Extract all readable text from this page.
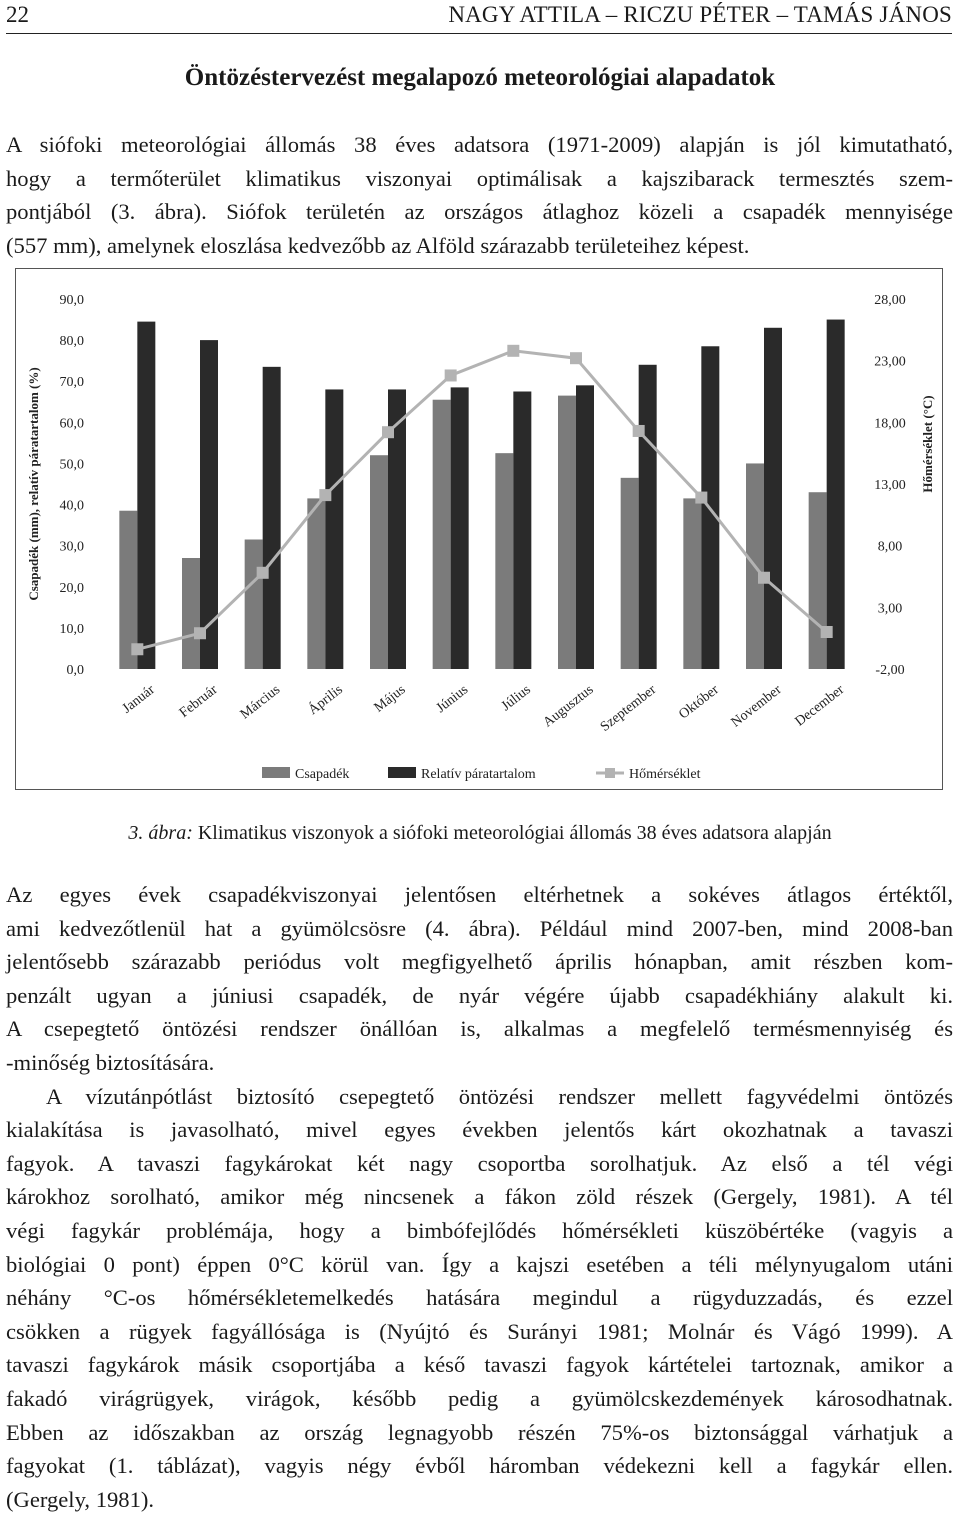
22	NAGY ATTILA – RICZU PÉTER – TAMÁS JÁNOS
Öntözéstervezést megalapozó meteorológiai alapadatok
A siófoki meteorológiai állomás 38 éves adatsora (1971-2009) alapján is jól kimutatható,
hogy a termőterület klimatikus viszonyai optimálisak a kajszibarack termesztés szem-
pontjából (3. ábra). Siófok területén az országos átlaghoz közeli a csapadék mennyisége
(557 mm), amelynek eloszlása kedvezőbb az Alföld szárazabb területeihez képest.
0,0
10,0
20,0
30,0
40,0
50,0
60,0
70,0
80,0
90,0
-2,00
3,00
8,00
13,00
18,00
23,00
28,00
Csapadék (mm), relatív páratartalom (%)	Hőmérséklet (°C)
Január Február Március Április Május Június Július Augusztus Szeptember Október November December
Csapadék	Relatív páratartalom	Hőmérséklet
3. ábra: Klimatikus viszonyok a siófoki meteorológiai állomás 38 éves adatsora alapján
Az egyes évek csapadékviszonyai jelentősen eltérhetnek a sokéves átlagos értéktől,
ami kedvezőtlenül hat a gyümölcsösre (4. ábra). Például mind 2007-ben, mind 2008-ban
jelentősebb szárazabb periódus volt megfigyelhető április hónapban, amit részben kom-
penzált ugyan a júniusi csapadék, de nyár végére újabb csapadékhiány alakult ki.
A csepegtető öntözési rendszer önállóan is, alkalmas a megfelelő termésmennyiség és
-minőség biztosítására.
A vízutánpótlást biztosító csepegtető öntözési rendszer mellett fagyvédelmi öntözés
kialakítása is javasolható, mivel egyes években jelentős kárt okozhatnak a tavaszi
fagyok. A tavaszi fagykárokat két nagy csoportba sorolhatjuk. Az első a tél végi
károkhoz sorolható, amikor még nincsenek a fákon zöld részek (Gergely, 1981). A tél
végi fagykár problémája, hogy a bimbófejlődés hőmérsékleti küszöbértéke (vagyis a
biológiai 0 pont) éppen 0°C körül van. Így a kajszi esetében a téli mélynyugalom utáni
néhány °C-os hőmérsékletemelkedés hatására megindul a rügyduzzadás, és ezzel
csökken a rügyek fagyállósága is (Nyújtó és Surányi 1981; Molnár és Vágó 1999). A
tavaszi fagykárok másik csoportjába a késő tavaszi fagyok kártételei tartoznak, amikor a
fakadó virágrügyek, virágok, később pedig a gyümölcskezdemények károsodhatnak.
Ebben az időszakban az ország legnagyobb részén 75%-os biztonsággal várhatjuk a
fagyokat (1. táblázat), vagyis négy évből háromban védekezni kell a fagykár ellen.
(Gergely, 1981).
